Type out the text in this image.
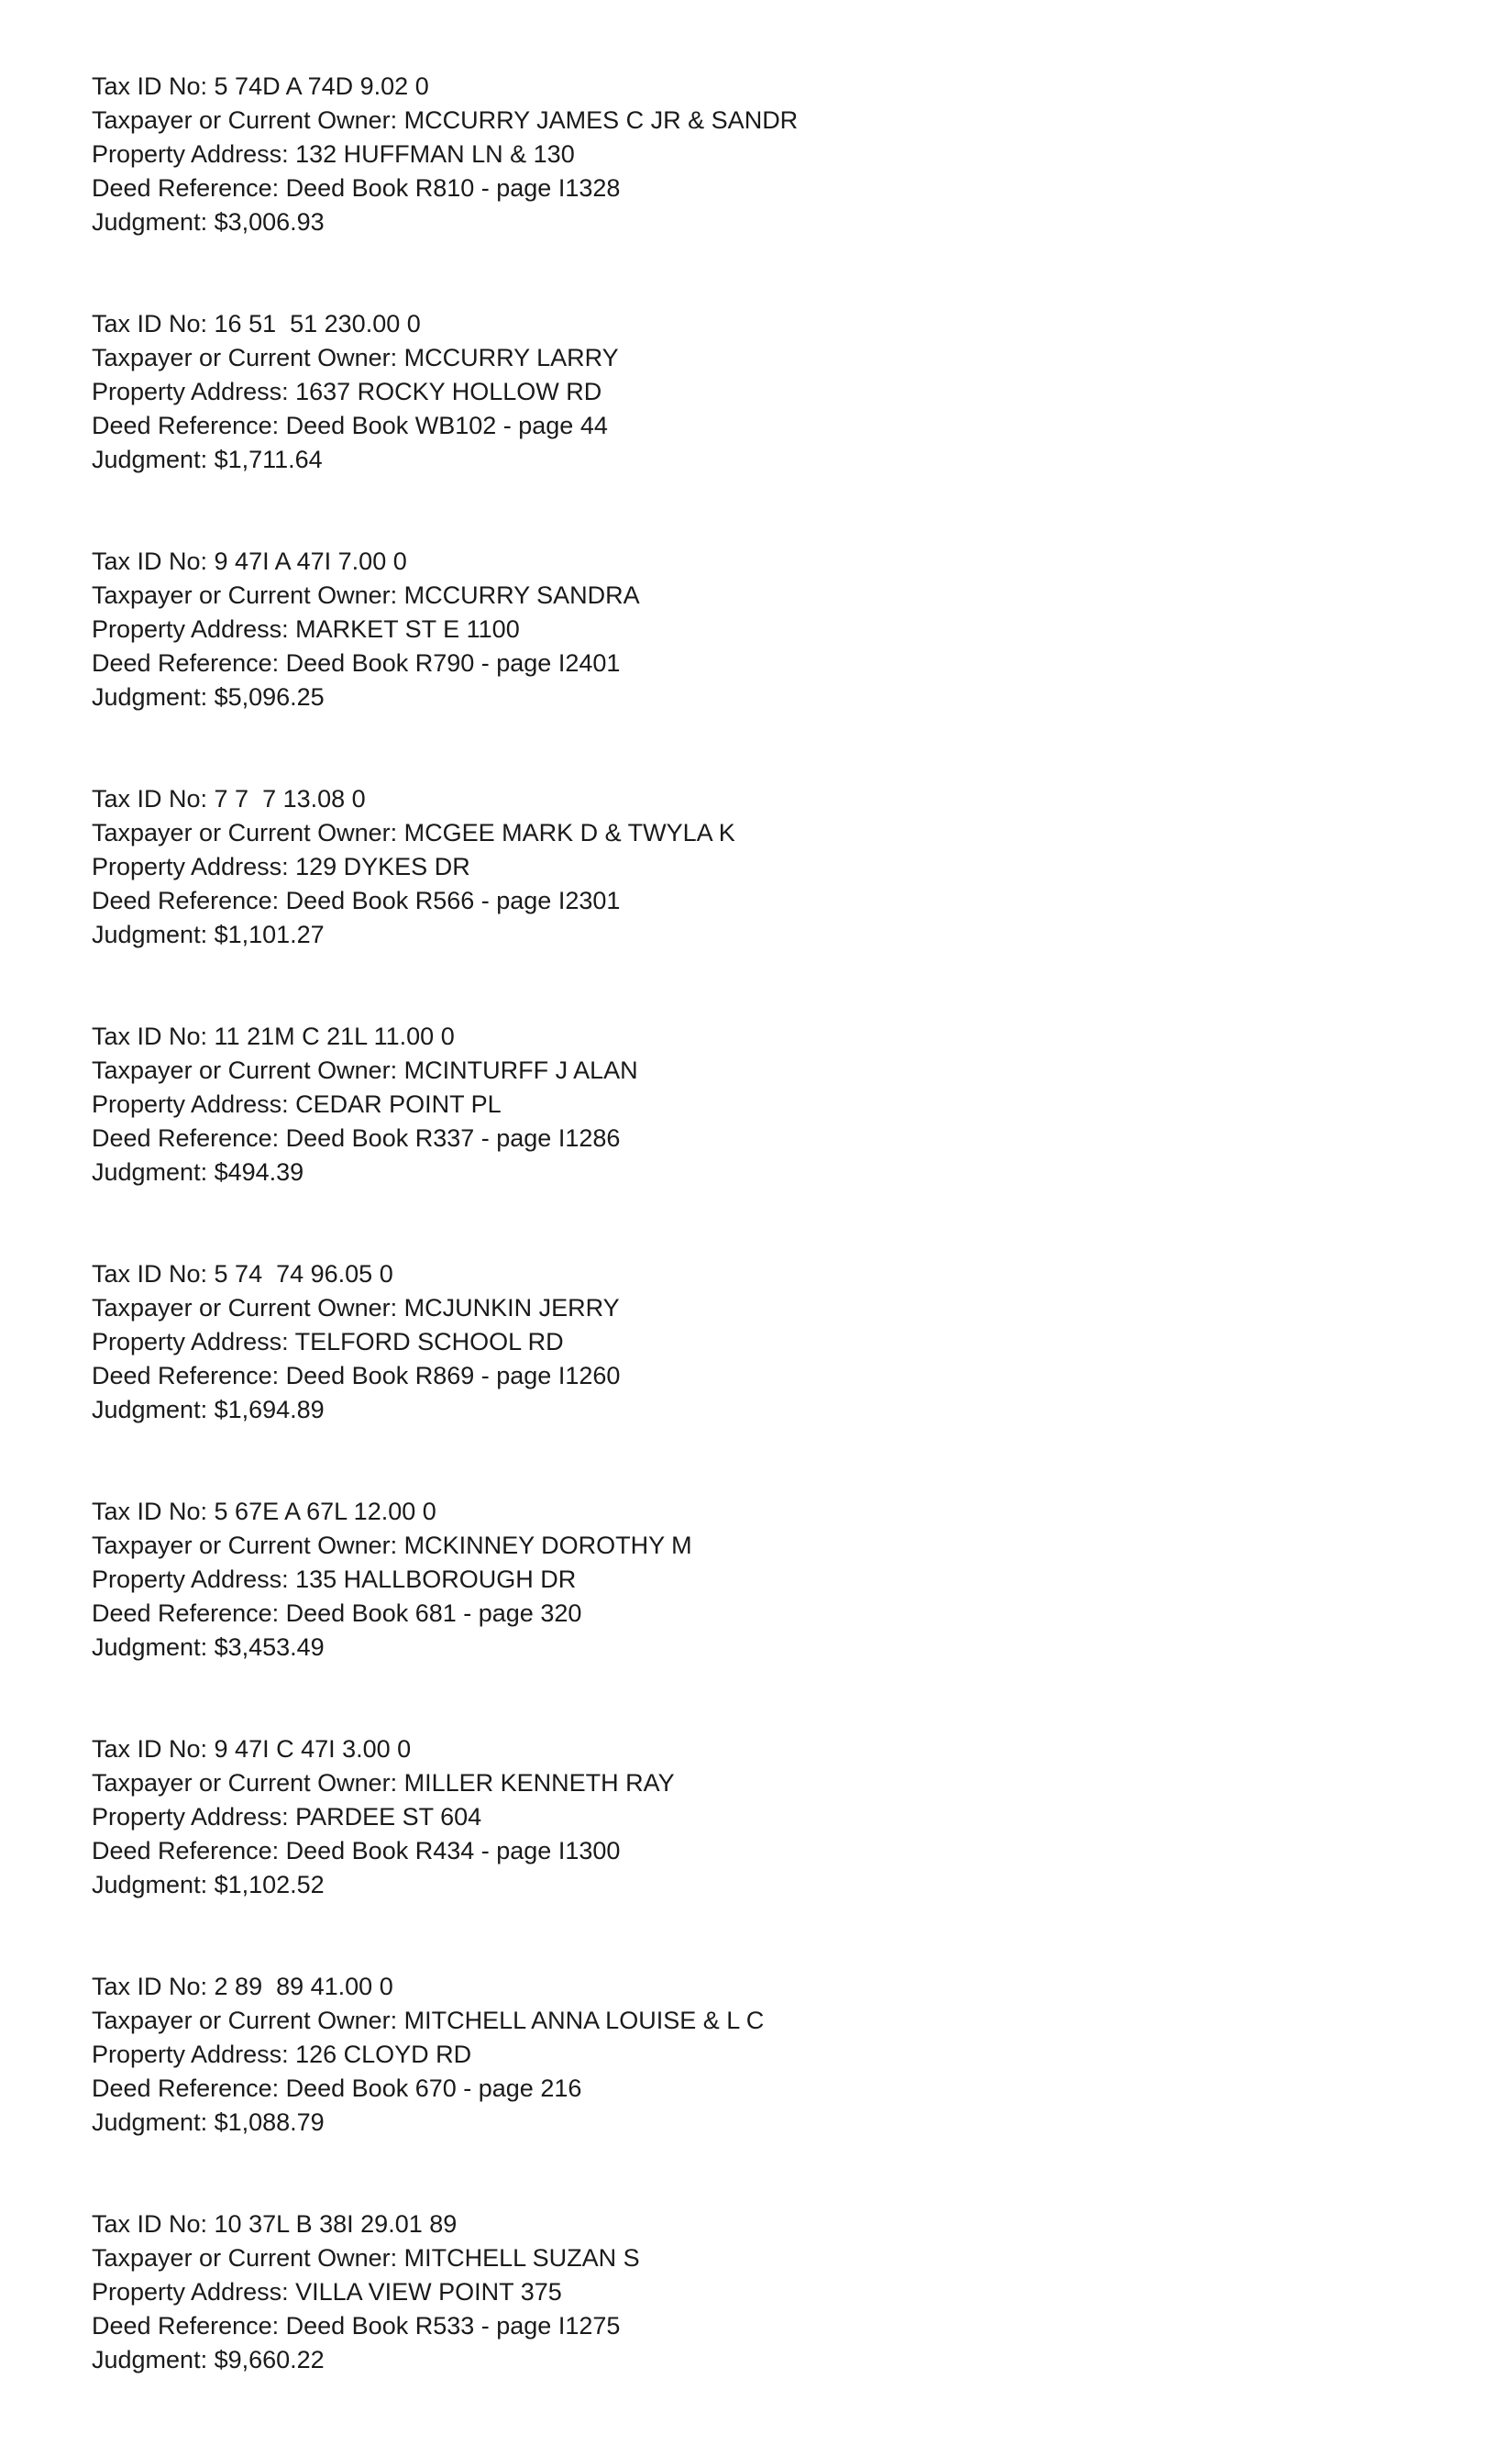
Tax ID No: 5 74D A 74D 9.02 0
Taxpayer or Current Owner: MCCURRY JAMES C JR & SANDR
Property Address: 132 HUFFMAN LN & 130
Deed Reference: Deed Book R810 - page I1328
Judgment: $3,006.93
Tax ID No: 16 51  51 230.00 0
Taxpayer or Current Owner: MCCURRY LARRY
Property Address: 1637 ROCKY HOLLOW RD
Deed Reference: Deed Book WB102 - page 44
Judgment: $1,711.64
Tax ID No: 9 47I A 47I 7.00 0
Taxpayer or Current Owner: MCCURRY SANDRA
Property Address: MARKET ST E 1100
Deed Reference: Deed Book R790 - page I2401
Judgment: $5,096.25
Tax ID No: 7 7  7 13.08 0
Taxpayer or Current Owner: MCGEE MARK D & TWYLA K
Property Address: 129 DYKES DR
Deed Reference: Deed Book R566 - page I2301
Judgment: $1,101.27
Tax ID No: 11 21M C 21L 11.00 0
Taxpayer or Current Owner: MCINTURFF J ALAN
Property Address: CEDAR POINT PL
Deed Reference: Deed Book R337 - page I1286
Judgment: $494.39
Tax ID No: 5 74  74 96.05 0
Taxpayer or Current Owner: MCJUNKIN JERRY
Property Address: TELFORD SCHOOL RD
Deed Reference: Deed Book R869 - page I1260
Judgment: $1,694.89
Tax ID No: 5 67E A 67L 12.00 0
Taxpayer or Current Owner: MCKINNEY DOROTHY M
Property Address: 135 HALLBOROUGH DR
Deed Reference: Deed Book 681 - page 320
Judgment: $3,453.49
Tax ID No: 9 47I C 47I 3.00 0
Taxpayer or Current Owner: MILLER KENNETH RAY
Property Address: PARDEE ST 604
Deed Reference: Deed Book R434 - page I1300
Judgment: $1,102.52
Tax ID No: 2 89  89 41.00 0
Taxpayer or Current Owner: MITCHELL ANNA LOUISE & L C
Property Address: 126 CLOYD RD
Deed Reference: Deed Book 670 - page 216
Judgment: $1,088.79
Tax ID No: 10 37L B 38I 29.01 89
Taxpayer or Current Owner: MITCHELL SUZAN S
Property Address: VILLA VIEW POINT 375
Deed Reference: Deed Book R533 - page I1275
Judgment: $9,660.22
